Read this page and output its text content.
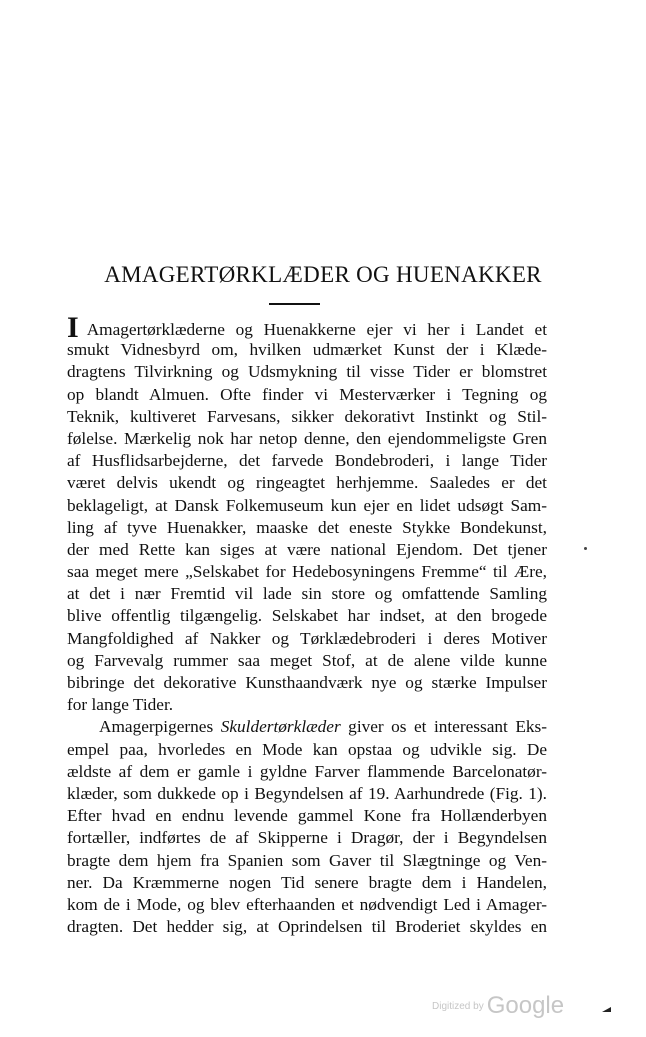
AMAGERTØRKLÆDER OG HUENAKKER
I Amagertørklæderne og Huenakkerne ejer vi her i Landet et
smukt Vidnesbyrd om, hvilken udmærket Kunst der i Klæde-
dragtens Tilvirkning og Udsmykning til visse Tider er blomstret
op blandt Almuen. Ofte finder vi Mesterværker i Tegning og
Teknik, kultiveret Farvesans, sikker dekorativt Instinkt og Stil-
følelse. Mærkelig nok har netop denne, den ejendommeligste Gren
af Husflidsarbejderne, det farvede Bondebroderi, i lange Tider
været delvis ukendt og ringeagtet herhjemme. Saaledes er det
beklageligt, at Dansk Folkemuseum kun ejer en lidet udsøgt Sam-
ling af tyve Huenakker, maaske det eneste Stykke Bondekunst,
der med Rette kan siges at være national Ejendom. Det tjener
saa meget mere „Selskabet for Hedebosyningens Fremme“ til Ære,
at det i nær Fremtid vil lade sin store og omfattende Samling
blive offentlig tilgængelig. Selskabet har indset, at den brogede
Mangfoldighed af Nakker og Tørklædebroderi i deres Motiver
og Farvevalg rummer saa meget Stof, at de alene vilde kunne
bibringe det dekorative Kunsthaandværk nye og stærke Impulser
for lange Tider.
Amagerpigernes Skuldertørklæder giver os et interessant Eks-
empel paa, hvorledes en Mode kan opstaa og udvikle sig. De
ældste af dem er gamle i gyldne Farver flammende Barcelonatør-
klæder, som dukkede op i Begyndelsen af 19. Aarhundrede (Fig. 1).
Efter hvad en endnu levende gammel Kone fra Hollænderbyen
fortæller, indførtes de af Skipperne i Dragør, der i Begyndelsen
bragte dem hjem fra Spanien som Gaver til Slægtninge og Ven-
ner. Da Kræmmerne nogen Tid senere bragte dem i Handelen,
kom de i Mode, og blev efterhaanden et nødvendigt Led i Amager-
dragten. Det hedder sig, at Oprindelsen til Broderiet skyldes en
$^{Digitized by}$ Google
